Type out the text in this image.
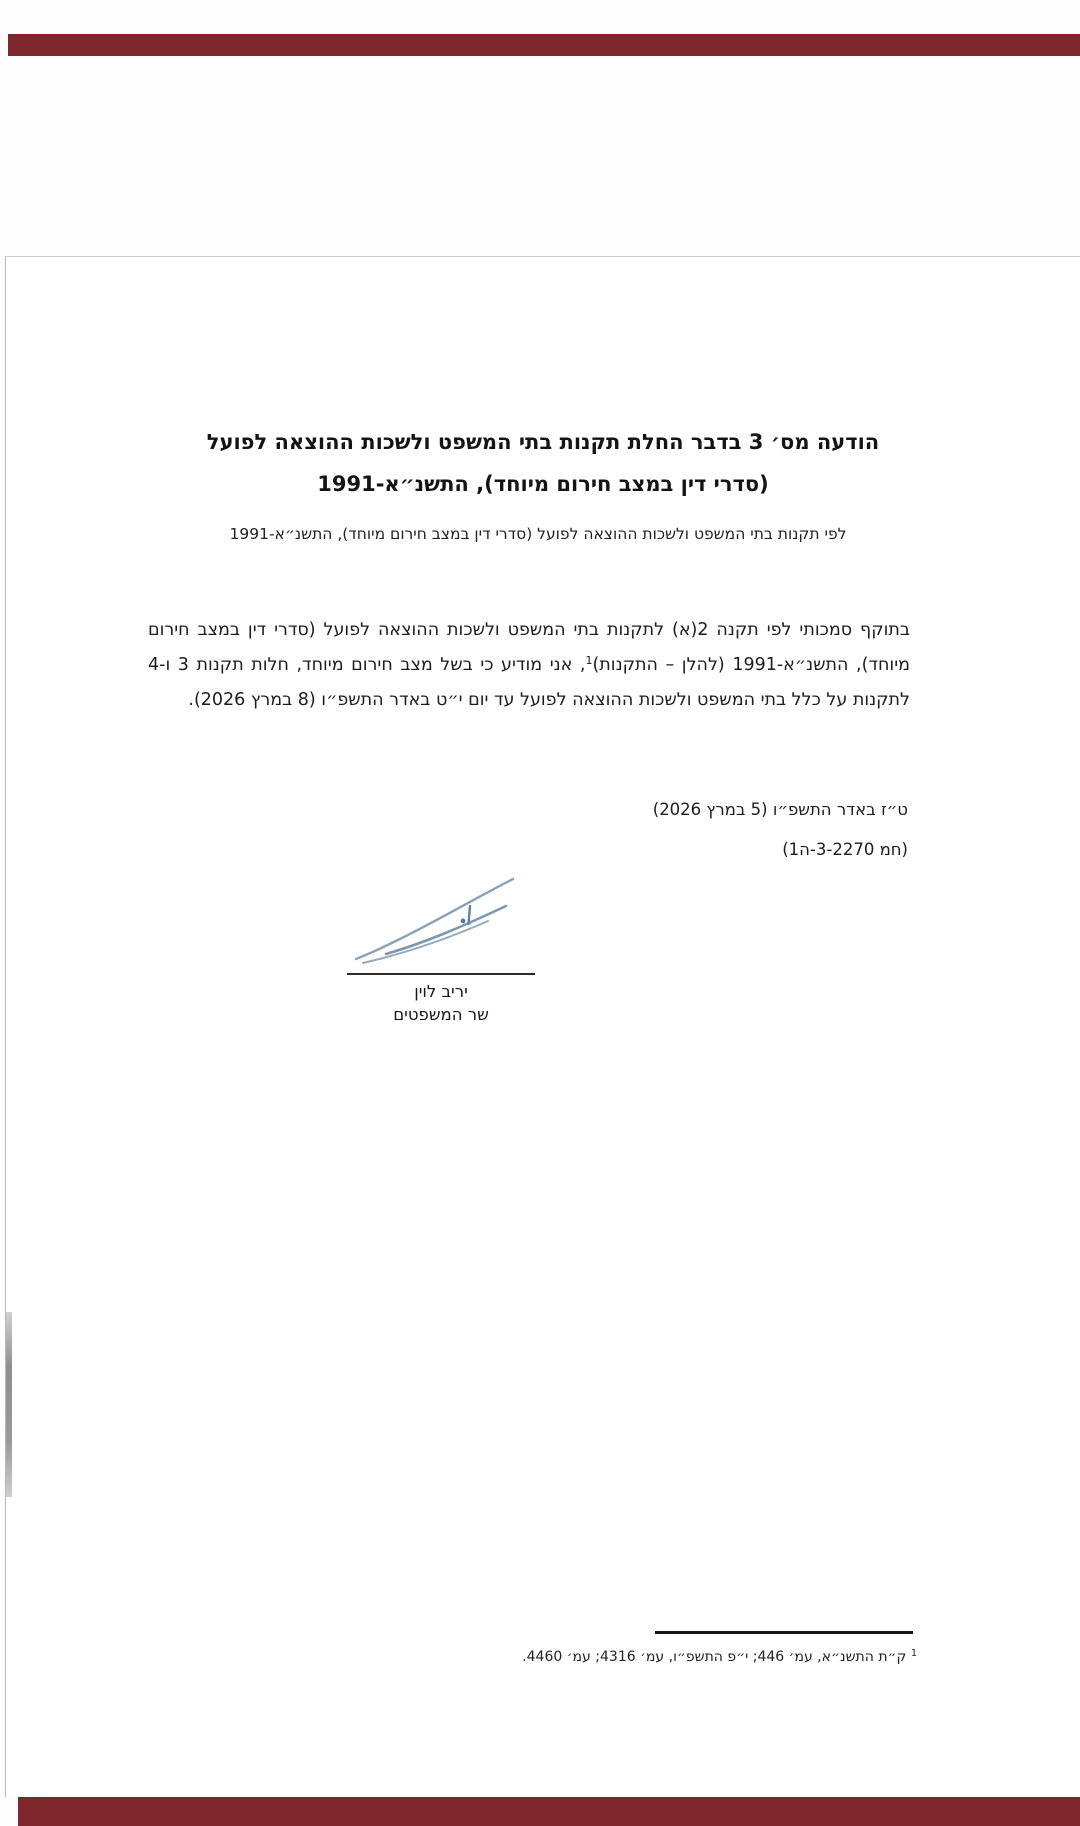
הודעה מס׳ 3 בדבר החלת תקנות בתי המשפט ולשכות ההוצאה לפועל (סדרי דין במצב חירום מיוחד), התשנ״א-1991
לפי תקנות בתי המשפט ולשכות ההוצאה לפועל (סדרי דין במצב חירום מיוחד), התשנ״א-1991

בתוקף סמכותי לפי תקנה 2(א) לתקנות בתי המשפט ולשכות ההוצאה לפועל (סדרי דין במצב חירום מיוחד), התשנ״א-1991 (להלן – התקנות)$^1$, אני מודיע כי בשל מצב חירום מיוחד, חלות תקנות 3 ו-4 לתקנות על כלל בתי המשפט ולשכות ההוצאה לפועל עד יום י״ט באדר התשפ״ו (8 במרץ 2026).

ט״ז באדר התשפ״ו (5 במרץ 2026)
(חמ 3-2270-ה1)
יריב לוין
שר המשפטים
$^1$ ק״ת התשנ״א, עמ׳ 446; י״פ התשפ״ו, עמ׳ 4316; עמ׳ 4460.
